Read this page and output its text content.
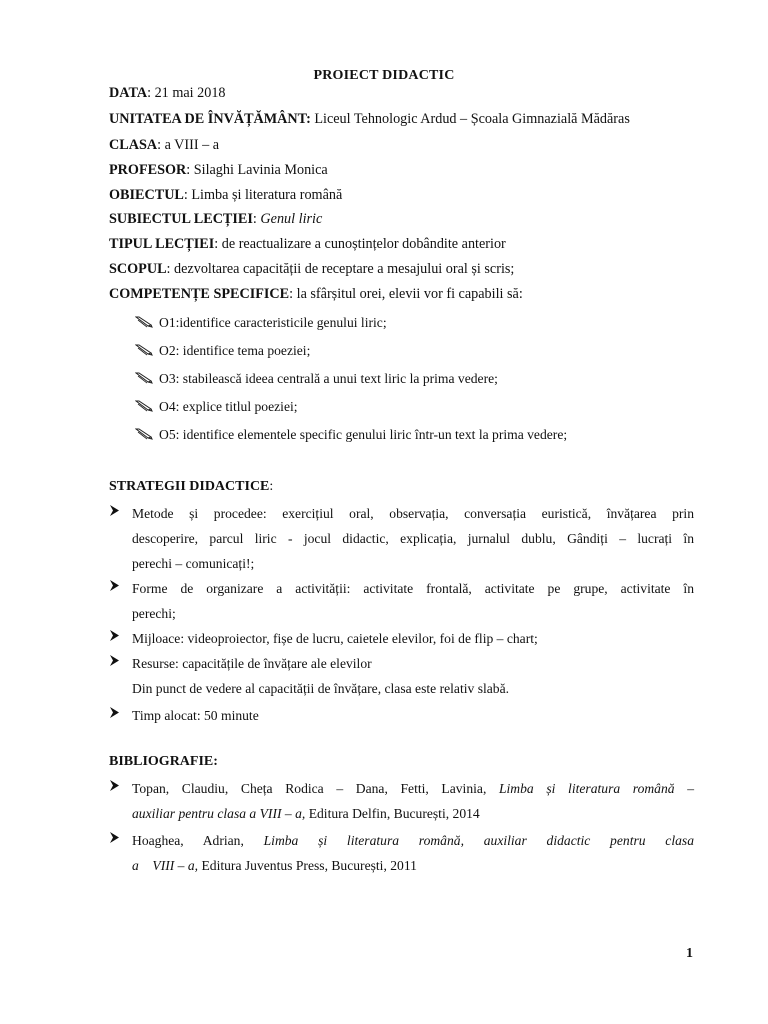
PROIECT DIDACTIC
DATA: 21 mai 2018
UNITATEA DE ÎNVĂȚĂMÂNT: Liceul Tehnologic Ardud – Școala Gimnazială Mădăras
CLASA: a VIII – a
PROFESOR: Silaghi Lavinia Monica
OBIECTUL: Limba și literatura română
SUBIECTUL LECȚIEI: Genul liric
TIPUL LECȚIEI: de reactualizare a cunoștințelor dobândite anterior
SCOPUL: dezvoltarea capacității de receptare a mesajului oral și scris;
COMPETENȚE SPECIFICE: la sfârșitul orei, elevii vor fi capabili să:
O1:identifice caracteristicile genului liric;
O2: identifice tema poeziei;
O3: stabilească ideea centrală a unui text liric la prima vedere;
O4: explice titlul poeziei;
O5: identifice elementele specific genului liric într-un text la prima vedere;
STRATEGII DIDACTICE:
Metode și procedee: exercițiul oral, observația, conversația euristică, învățarea prin
descoperire, parcul liric - jocul didactic, explicația, jurnalul dublu, Gândiți – lucrați în
perechi – comunicați!;
Forme de organizare a activității: activitate frontală, activitate pe grupe, activitate în
perechi;
Mijloace: videoproiector, fișe de lucru, caietele elevilor, foi de flip – chart;
Resurse: capacitățile de învățare ale elevilor
Din punct de vedere al capacității de învățare, clasa este relativ slabă.
Timp alocat: 50 minute
BIBLIOGRAFIE:
Topan, Claudiu, Cheța Rodica – Dana, Fetti, Lavinia, Limba și literatura română –
auxiliar pentru clasa a VIII – a, Editura Delfin, București, 2014
Hoaghea, Adrian, Limba și literatura română, auxiliar didactic pentru clasa
a    VIII – a, Editura Juventus Press, București, 2011
1
